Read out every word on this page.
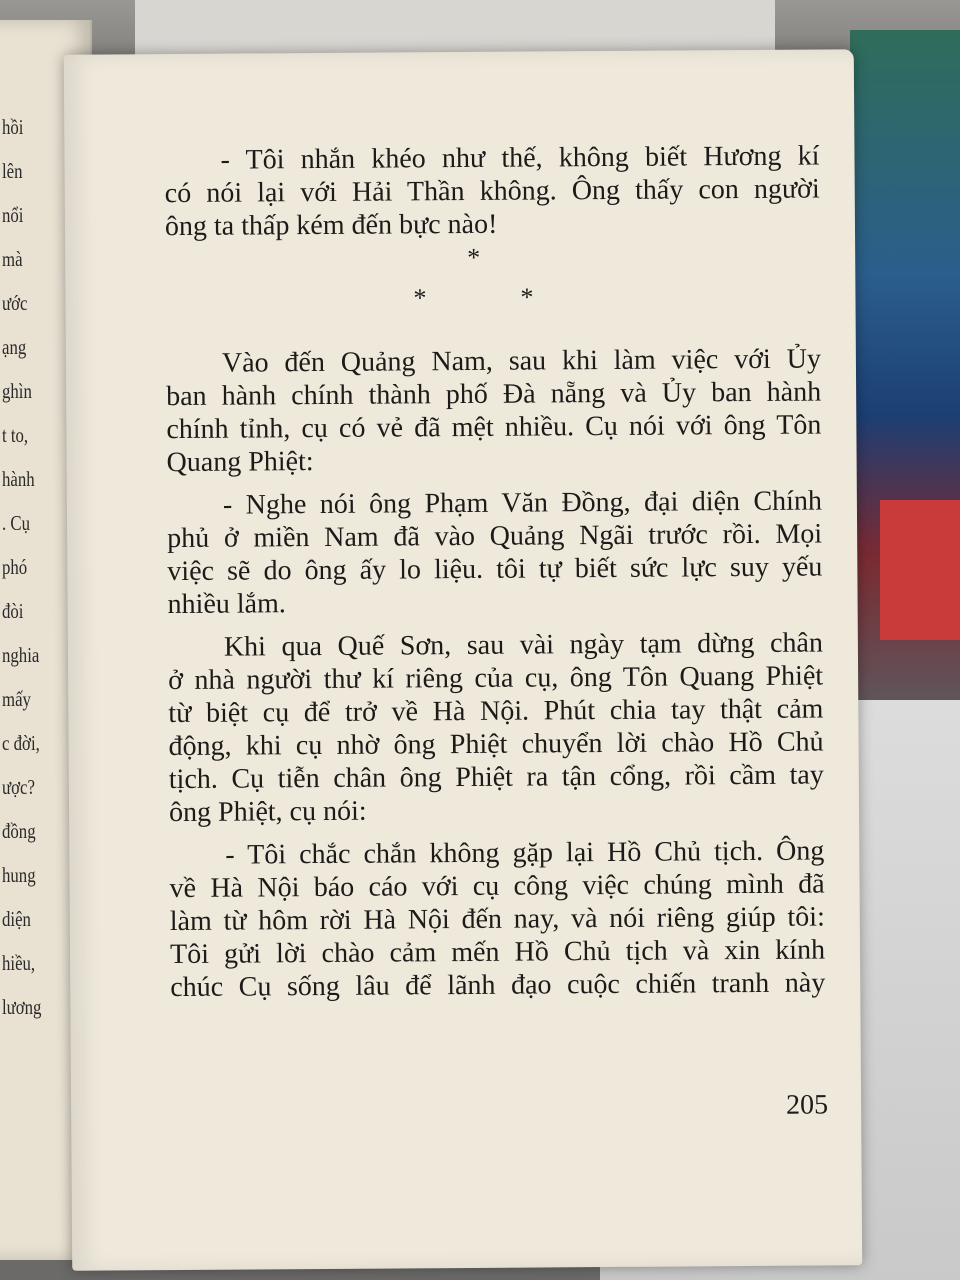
hồi
lên
nổi
mà
ước
ạng
ghìn
t to,
hành
. Cụ
phó
đòi
nghia
mấy
c đời,
ược?
đồng
hung
diện
hiều,
lương
- Tôi nhắn khéo như thế, không biết Hương kí
có nói lại với Hải Thần không. Ông thấy con người
ông ta thấp kém đến bực nào!
*
*	*
Vào đến Quảng Nam, sau khi làm việc với Ủy
ban hành chính thành phố Đà nẵng và Ủy ban hành
chính tỉnh, cụ có vẻ đã mệt nhiều. Cụ nói với ông Tôn
Quang Phiệt:
- Nghe nói ông Phạm Văn Đồng, đại diện Chính
phủ ở miền Nam đã vào Quảng Ngãi trước rồi. Mọi
việc sẽ do ông ấy lo liệu. tôi tự biết sức lực suy yếu
nhiều lắm.
Khi qua Quế Sơn, sau vài ngày tạm dừng chân
ở nhà người thư kí riêng của cụ, ông Tôn Quang Phiệt
từ biệt cụ để trở về Hà Nội. Phút chia tay thật cảm
động, khi cụ nhờ ông Phiệt chuyển lời chào Hồ Chủ
tịch. Cụ tiễn chân ông Phiệt ra tận cổng, rồi cầm tay
ông Phiệt, cụ nói:
- Tôi chắc chắn không gặp lại Hồ Chủ tịch. Ông
về Hà Nội báo cáo với cụ công việc chúng mình đã
làm từ hôm rời Hà Nội đến nay, và nói riêng giúp tôi:
Tôi gửi lời chào cảm mến Hồ Chủ tịch và xin kính
chúc Cụ sống lâu để lãnh đạo cuộc chiến tranh này
205
